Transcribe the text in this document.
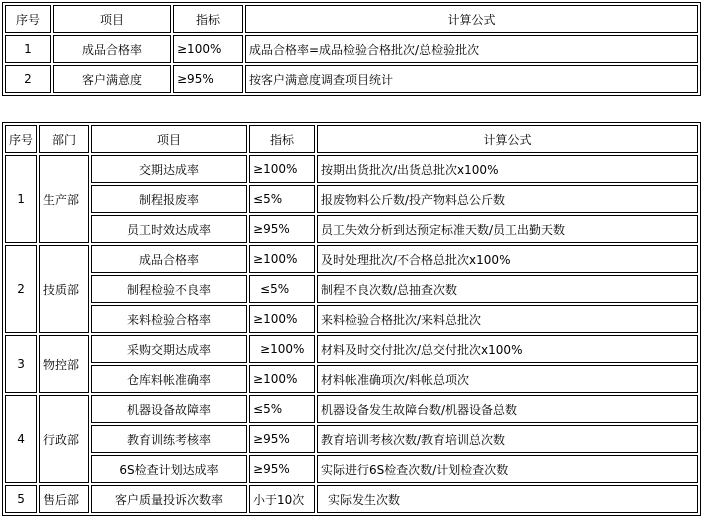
序号	项目	指标	计算公式
1	成品合格率	≥100%	成品合格率=成品检验合格批次/总检验批次
2	客户满意度	≥95%	按客户满意度调查项目统计
序号	部门	项目	指标	计算公式
1	生产部	交期达成率	≥100%	按期出货批次/出货总批次x100%
		制程报废率	≤5%	报废物料公斤数/投产物料总公斤数
		员工时效达成率	≥95%	员工失效分析到达预定标准天数/员工出勤天数
2	技质部	成品合格率	≥100%	及时处理批次/不合格总批次x100%
		制程检验不良率	≤5%	制程不良次数/总抽查次数
		来料检验合格率	≥100%	来料检验合格批次/来料总批次
3	物控部	采购交期达成率	≥100%	材料及时交付批次/总交付批次x100%
		仓库料帐准确率	≥100%	材料帐准确项次/料帐总项次
4	行政部	机器设备故障率	≤5%	机器设备发生故障台数/机器设备总数
		教育训练考核率	≥95%	教育培训考核次数/教育培训总次数
		6S检查计划达成率	≥95%	实际进行6S检查次数/计划检查次数
5	售后部	客户质量投诉次数率	小于10次	实际发生次数
